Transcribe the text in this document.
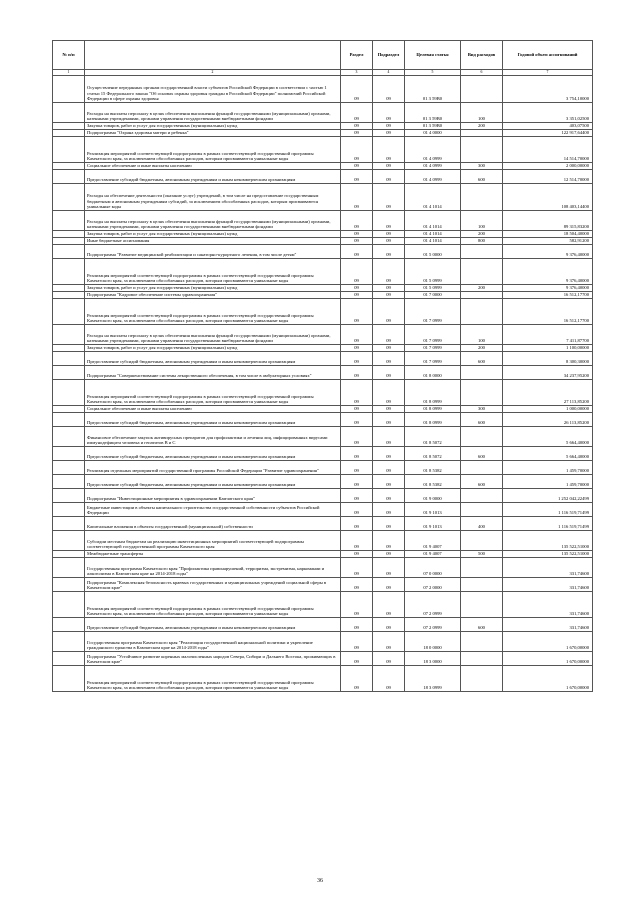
№ п/п		Раздел	Подраздел	Целевая статья	Вид расходов	Годовой объем ассигнований
1	2	3	4	5	6	7
	Осуществление переданных органам государственной власти субъектов Российской Федерации в соответствии с частью 1 статьи 15 Федерального закона "Об основах охраны здоровья граждан в Российской Федерации" полномочий Российской Федерации в сфере охраны здоровья	09	09	01 3 59В0		3 754,10000
	Расходы на выплаты персоналу в целях обеспечения выполнения функций государственными (муниципальными) органами, казенными учреждениями, органами управления государственными внебюджетными фондами	09	09	01 3 59В0	100	3 351,02500
	Закупка товаров, работ и услуг для государственных (муниципальных) нужд	09	09	01 3 59В0	200	403,07500
	Подпрограмма "Охрана здоровья матери и ребенка"	09	09	01 4 0000		122 917,64400
	Реализация мероприятий соответствующей подпрограммы в рамках соответствующей государственной программы Камчатского края, за исключением обособленных расходов, которым присваиваются уникальные коды	09	09	01 4 0999		14 514,70000
	Социальное обеспечение и иные выплаты населению	09	09	01 4 0999	300	2 000,00000
	Предоставление субсидий бюджетным, автономным учреждениям и иным некоммерческим организациям	09	09	01 4 0999	600	12 514,70000
	Расходы на обеспечение деятельности (оказание услуг) учреждений, в том числе на предоставление государственным бюджетным и автономным учреждениям субсидий, за исключением обособленных расходов, которым присваиваются уникальные коды	09	09	01 4 1014		108 403,14400
	Расходы на выплаты персоналу в целях обеспечения выполнения функций государственными (муниципальными) органами, казенными учреждениями, органами управления государственными внебюджетными фондами	09	09	01 4 1014	100	89 315,83200
	Закупка товаров, работ и услуг для государственных (муниципальных) нужд	09	09	01 4 1014	200	18 504,40000
	Иные бюджетные ассигнования	09	09	01 4 1014	800	582,91200
	Подпрограмма "Развитие медицинской реабилитации и санаторно-курортного лечения, в том числе детям"	09	09	01 5 0000		9 376,40000
	Реализация мероприятий соответствующей подпрограммы в рамках соответствующей государственной программы Камчатского края, за исключением обособленных расходов, которым присваиваются уникальные коды	09	09	01 5 0999		9 376,40000
	Закупка товаров, работ и услуг для государственных (муниципальных) нужд	09	09	01 5 0999	200	9 376,40000
	Подпрограмма "Кадровое обеспечение системы здравоохранения"	09	09	01 7 0000		16 512,17700
	Реализация мероприятий соответствующей подпрограммы в рамках соответствующей государственной программы Камчатского края, за исключением обособленных расходов, которым присваиваются уникальные коды	09	09	01 7 0999		16 512,17700
	Расходы на выплаты персоналу в целях обеспечения выполнения функций государственными (муниципальными) органами, казенными учреждениями, органами управления государственными внебюджетными фондами	09	09	01 7 0999	100	7 411,87700
	Закупка товаров, работ и услуг для государственных (муниципальных) нужд	09	09	01 7 0999	200	1 100,00000
	Предоставление субсидий бюджетным, автономным учреждениям и иным некоммерческим организациям	09	09	01 7 0999	600	8 300,30000
	Подпрограмма "Совершенствование системы лекарственного обеспечения, в том числе в амбулаторных условиях"	09	09	01 8 0000		34 237,95200
	Реализация мероприятий соответствующей подпрограммы в рамках соответствующей государственной программы Камчатского края, за исключением обособленных расходов, которым присваиваются уникальные коды	09	09	01 8 0999		27 113,85200
	Социальное обеспечение и иные выплаты населению	09	09	01 8 0999	300	1 000,00000
	Предоставление субсидий бюджетным, автономным учреждениям и иным некоммерческим организациям	09	09	01 8 0999	600	26 113,85200
	Финансовое обеспечение закупок антивирусных препаратов для профилактики и лечения лиц, инфицированных вирусами иммунодефицита человека и гепатитов В и С	09	09	01 8 5072		5 664,40000
	Предоставление субсидий бюджетным, автономным учреждениям и иным некоммерческим организациям	09	09	01 8 5072	600	5 664,40000
	Реализация отдельных мероприятий государственной программы Российской Федерации "Развитие здравоохранения"	09	09	01 8 5382		1 459,70000
	Предоставление субсидий бюджетным, автономным учреждениям и иным некоммерческим организациям	09	09	01 8 5382	600	1 459,70000
	Подпрограмма "Инвестиционные мероприятия в здравоохранении Камчатского края"	09	09	01 9 0000		1 252 042,22499
	Бюджетные инвестиции в объекты капитального строительства государственной собственности субъектов Российской Федерации	09	09	01 9 1013		1 116 519,71499
	Капитальные вложения в объекты государственной (муниципальной) собственности	09	09	01 9 1013	400	1 116 519,71499
	Субсидии местным бюджетам на реализацию инвестиционных мероприятий соответствующей подпрограммы соответствующей государственной программы Камчатского края	09	09	01 9 4007		135 522,51000
	Межбюджетные трансферты	09	09	01 9 4007	500	135 522,51000
	Государственная программа Камчатского края "Профилактика правонарушений, терроризма, экстремизма, наркомании и алкоголизма в Камчатском крае на 2014-2018 годы"	09	09	07 0 0000		331,74600
	Подпрограмма "Комплексная безопасность краевых государственных и муниципальных учреждений социальной сферы в Камчатском крае"	09	09	07 2 0000		331,74600
	Реализация мероприятий соответствующей подпрограммы в рамках соответствующей государственной программы Камчатского края, за исключением обособленных расходов, которым присваиваются уникальные коды	09	09	07 2 0999		331,74600
	Предоставление субсидий бюджетным, автономным учреждениям и иным некоммерческим организациям	09	09	07 2 0999	600	331,74600
	Государственная программа Камчатского края "Реализация государственной национальной политики и укрепление гражданского единства в Камчатском крае на 2014-2018 годы"	09	09	18 0 0000		1 670,00000
	Подпрограмма "Устойчивое развитие коренных малочисленных народов Севера, Сибири и Дальнего Востока, проживающих в Камчатском крае"	09	09	18 3 0000		1 670,00000
	Реализация мероприятий соответствующей подпрограммы в рамках соответствующей государственной программы Камчатского края, за исключением обособленных расходов, которым присваиваются уникальные коды	09	09	18 3 0999		1 670,00000
36
